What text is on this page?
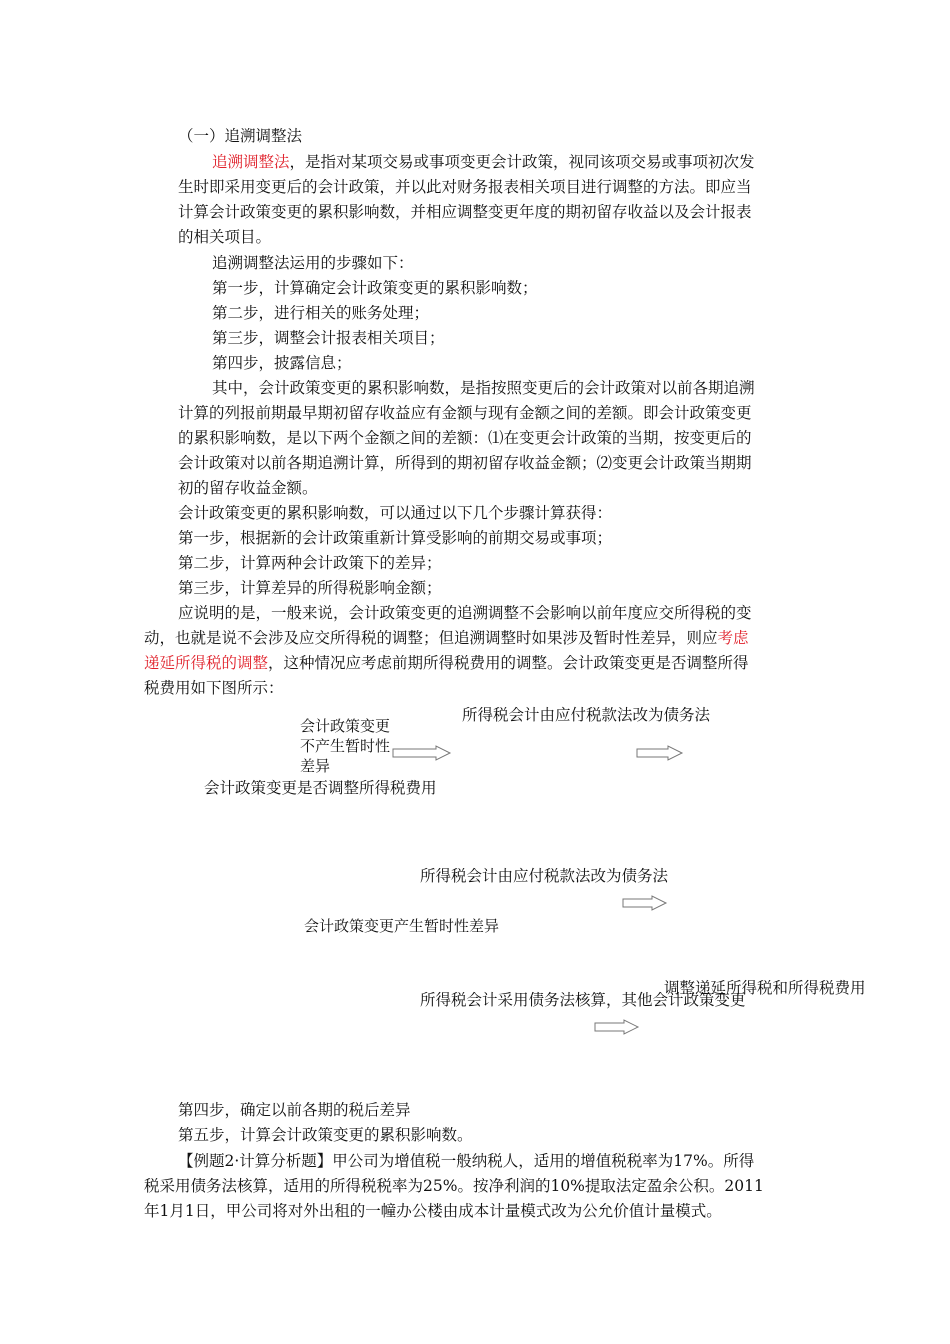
（一）追溯调整法
追溯调整法，是指对某项交易或事项变更会计政策，视同该项交易或事项初次发
生时即采用变更后的会计政策，并以此对财务报表相关项目进行调整的方法。即应当
计算会计政策变更的累积影响数，并相应调整变更年度的期初留存收益以及会计报表
的相关项目。
追溯调整法运用的步骤如下：
第一步，计算确定会计政策变更的累积影响数；
第二步，进行相关的账务处理；
第三步，调整会计报表相关项目；
第四步，披露信息；
其中，会计政策变更的累积影响数，是指按照变更后的会计政策对以前各期追溯
计算的列报前期最早期初留存收益应有金额与现有金额之间的差额。即会计政策变更
的累积影响数，是以下两个金额之间的差额：⑴在变更会计政策的当期，按变更后的
会计政策对以前各期追溯计算，所得到的期初留存收益金额；⑵变更会计政策当期期
初的留存收益金额。
会计政策变更的累积影响数，可以通过以下几个步骤计算获得：
第一步，根据新的会计政策重新计算受影响的前期交易或事项；
第二步，计算两种会计政策下的差异；
第三步，计算差异的所得税影响金额；
应说明的是，一般来说，会计政策变更的追溯调整不会影响以前年度应交所得税的变
动，也就是说不会涉及应交所得税的调整；但追溯调整时如果涉及暂时性差异，则应考虑
递延所得税的调整，这种情况应考虑前期所得税费用的调整。会计政策变更是否调整所得
税费用如下图所示：
会计政策变更不产生暂时性差异
会计政策变更是否调整所得税费用
所得税会计由应付税款法改为债务法
所得税会计由应付税款法改为债务法
会计政策变更产生暂时性差异
调整递延所得税和所得税费用
所得税会计采用债务法核算，其他会计政策变更
第四步，确定以前各期的税后差异
第五步，计算会计政策变更的累积影响数。
【例题2·计算分析题】甲公司为增值税一般纳税人，适用的增值税税率为17%。所得
税采用债务法核算，适用的所得税税率为25%。按净利润的10%提取法定盈余公积。2011
年1月1日，甲公司将对外出租的一幢办公楼由成本计量模式改为公允价值计量模式。
